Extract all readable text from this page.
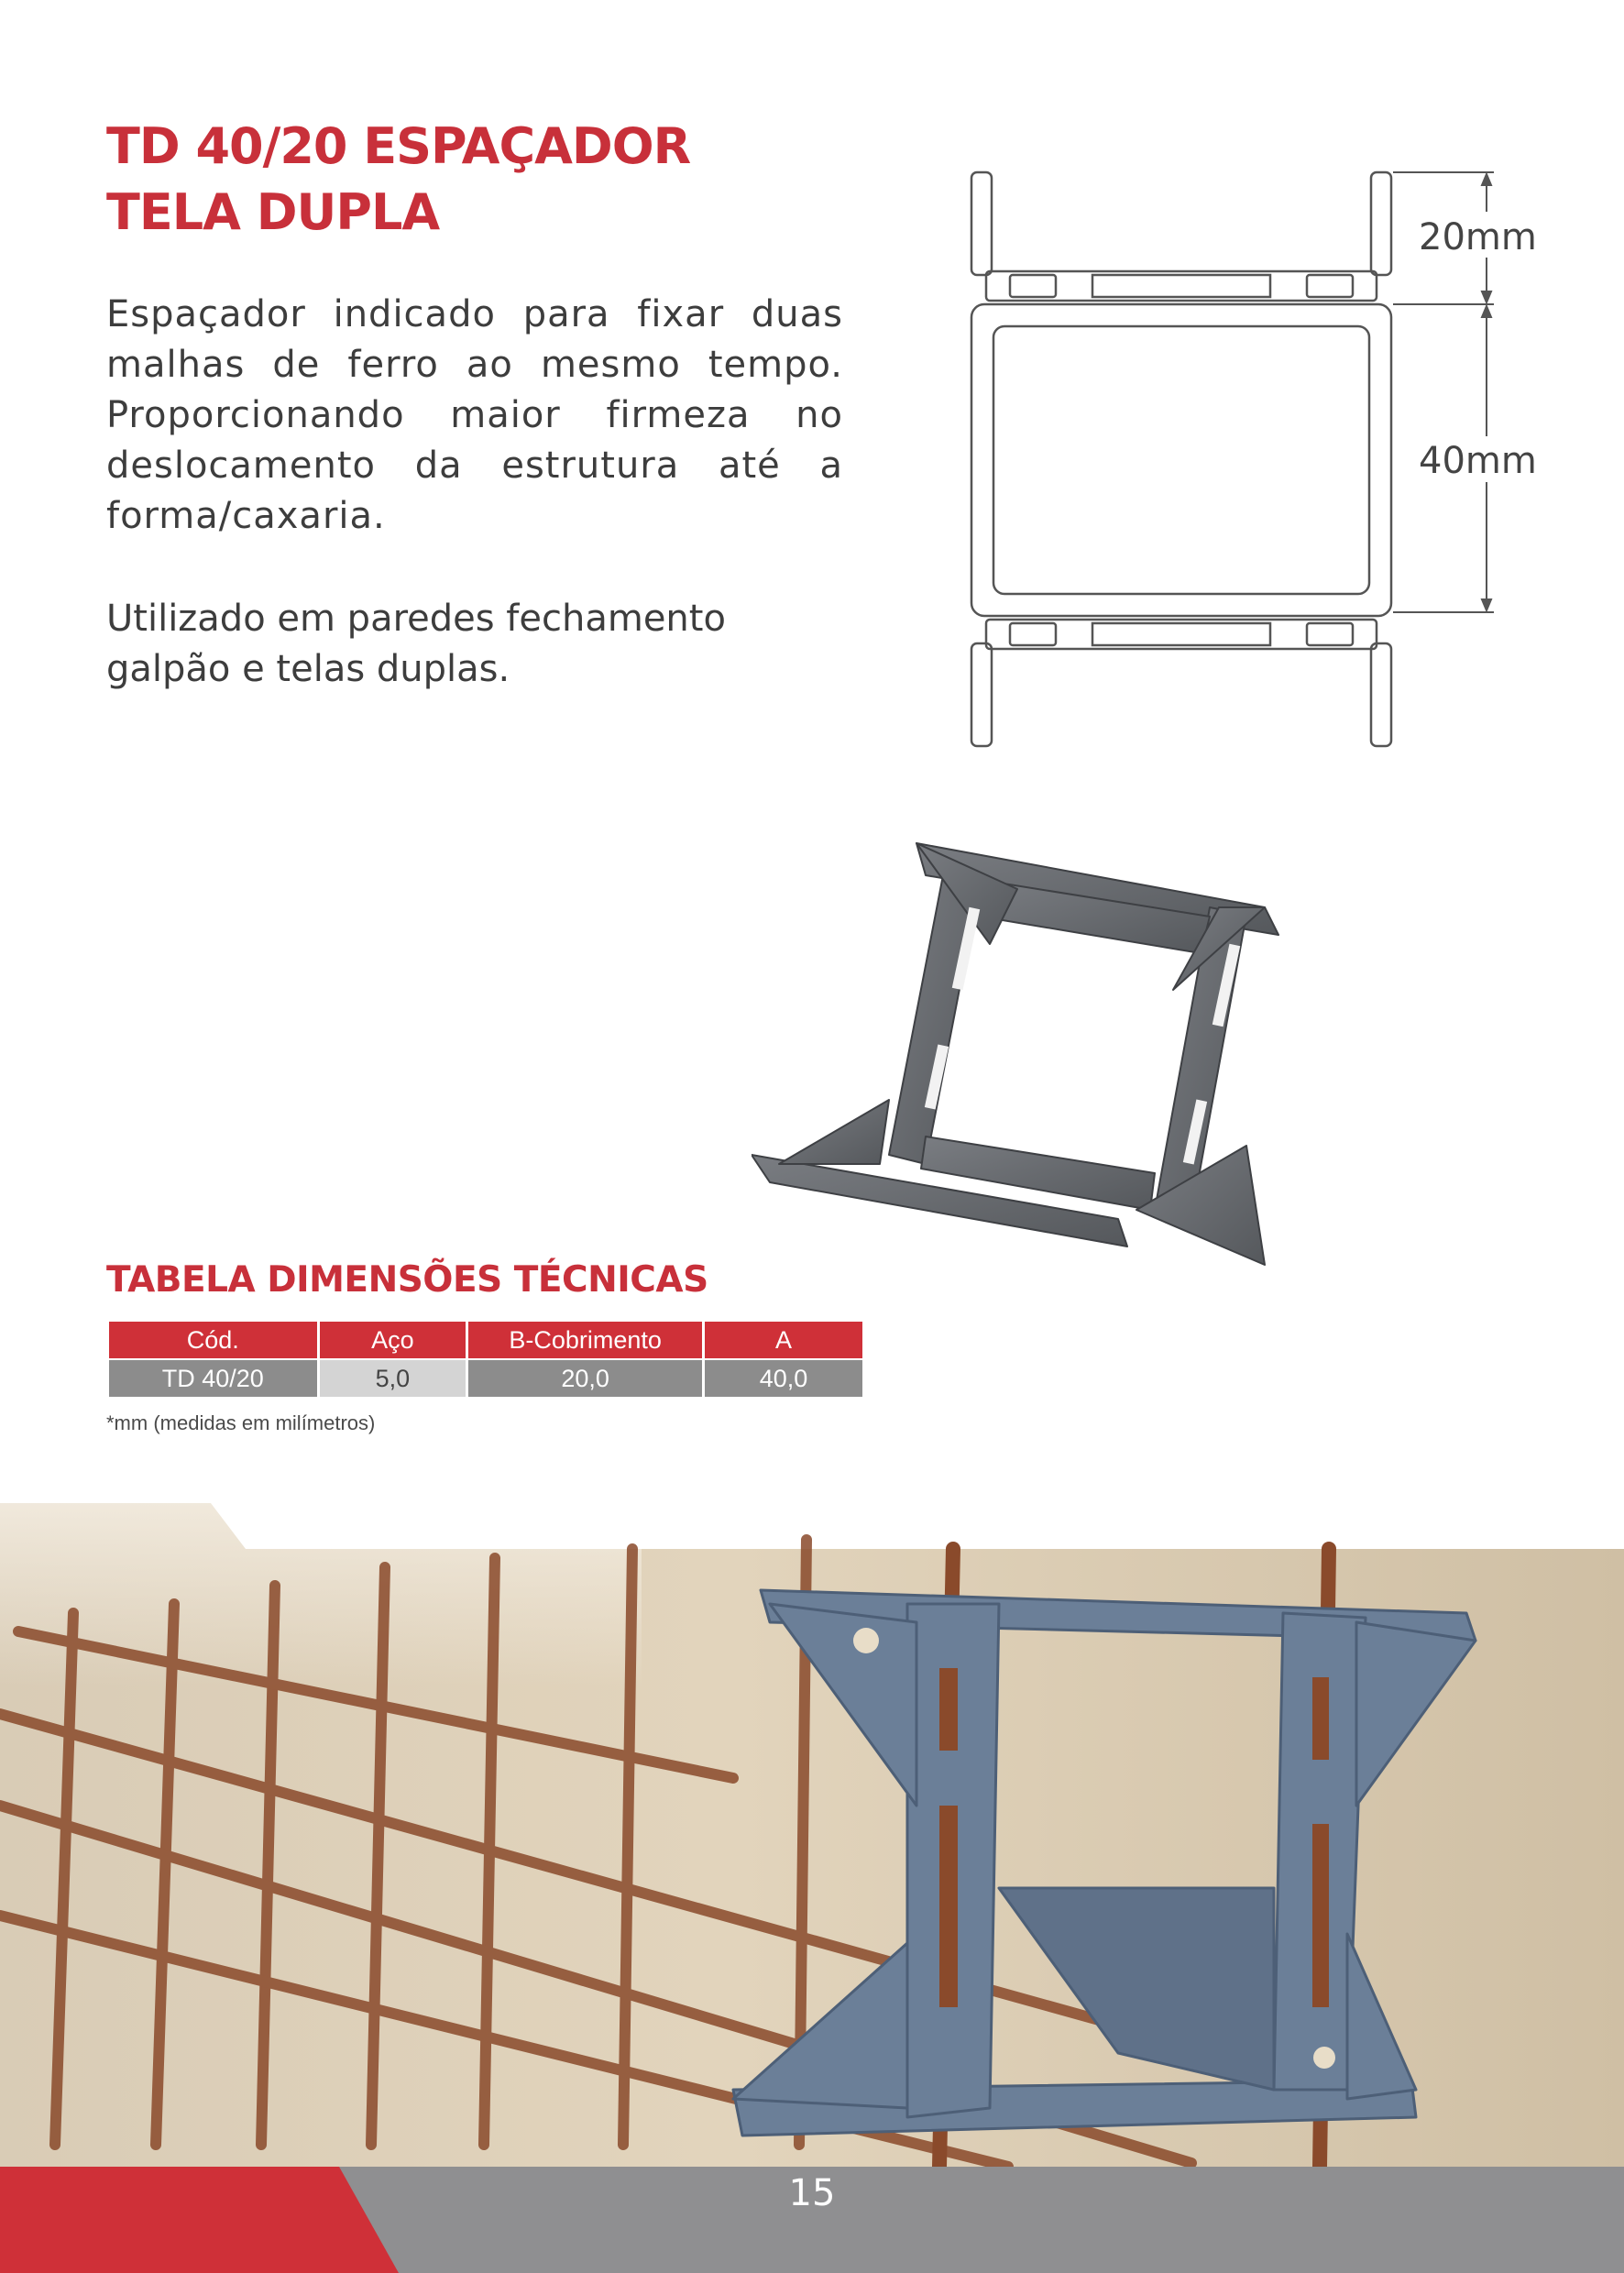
TD 40/20 ESPAÇADOR
TELA DUPLA

Espaçador indicado para fixar duas malhas de ferro ao mesmo tempo. Proporcionando maior firmeza no deslocamento da estrutura até a forma/caxaria.

Utilizado em paredes fechamento galpão e telas duplas.

20mm
40mm
TABELA DIMENSÕES TÉCNICAS
Cód.	Aço	B-Cobrimento	A
TD 40/20	5,0	20,0	40,0

*mm (medidas em milímetros)

15
